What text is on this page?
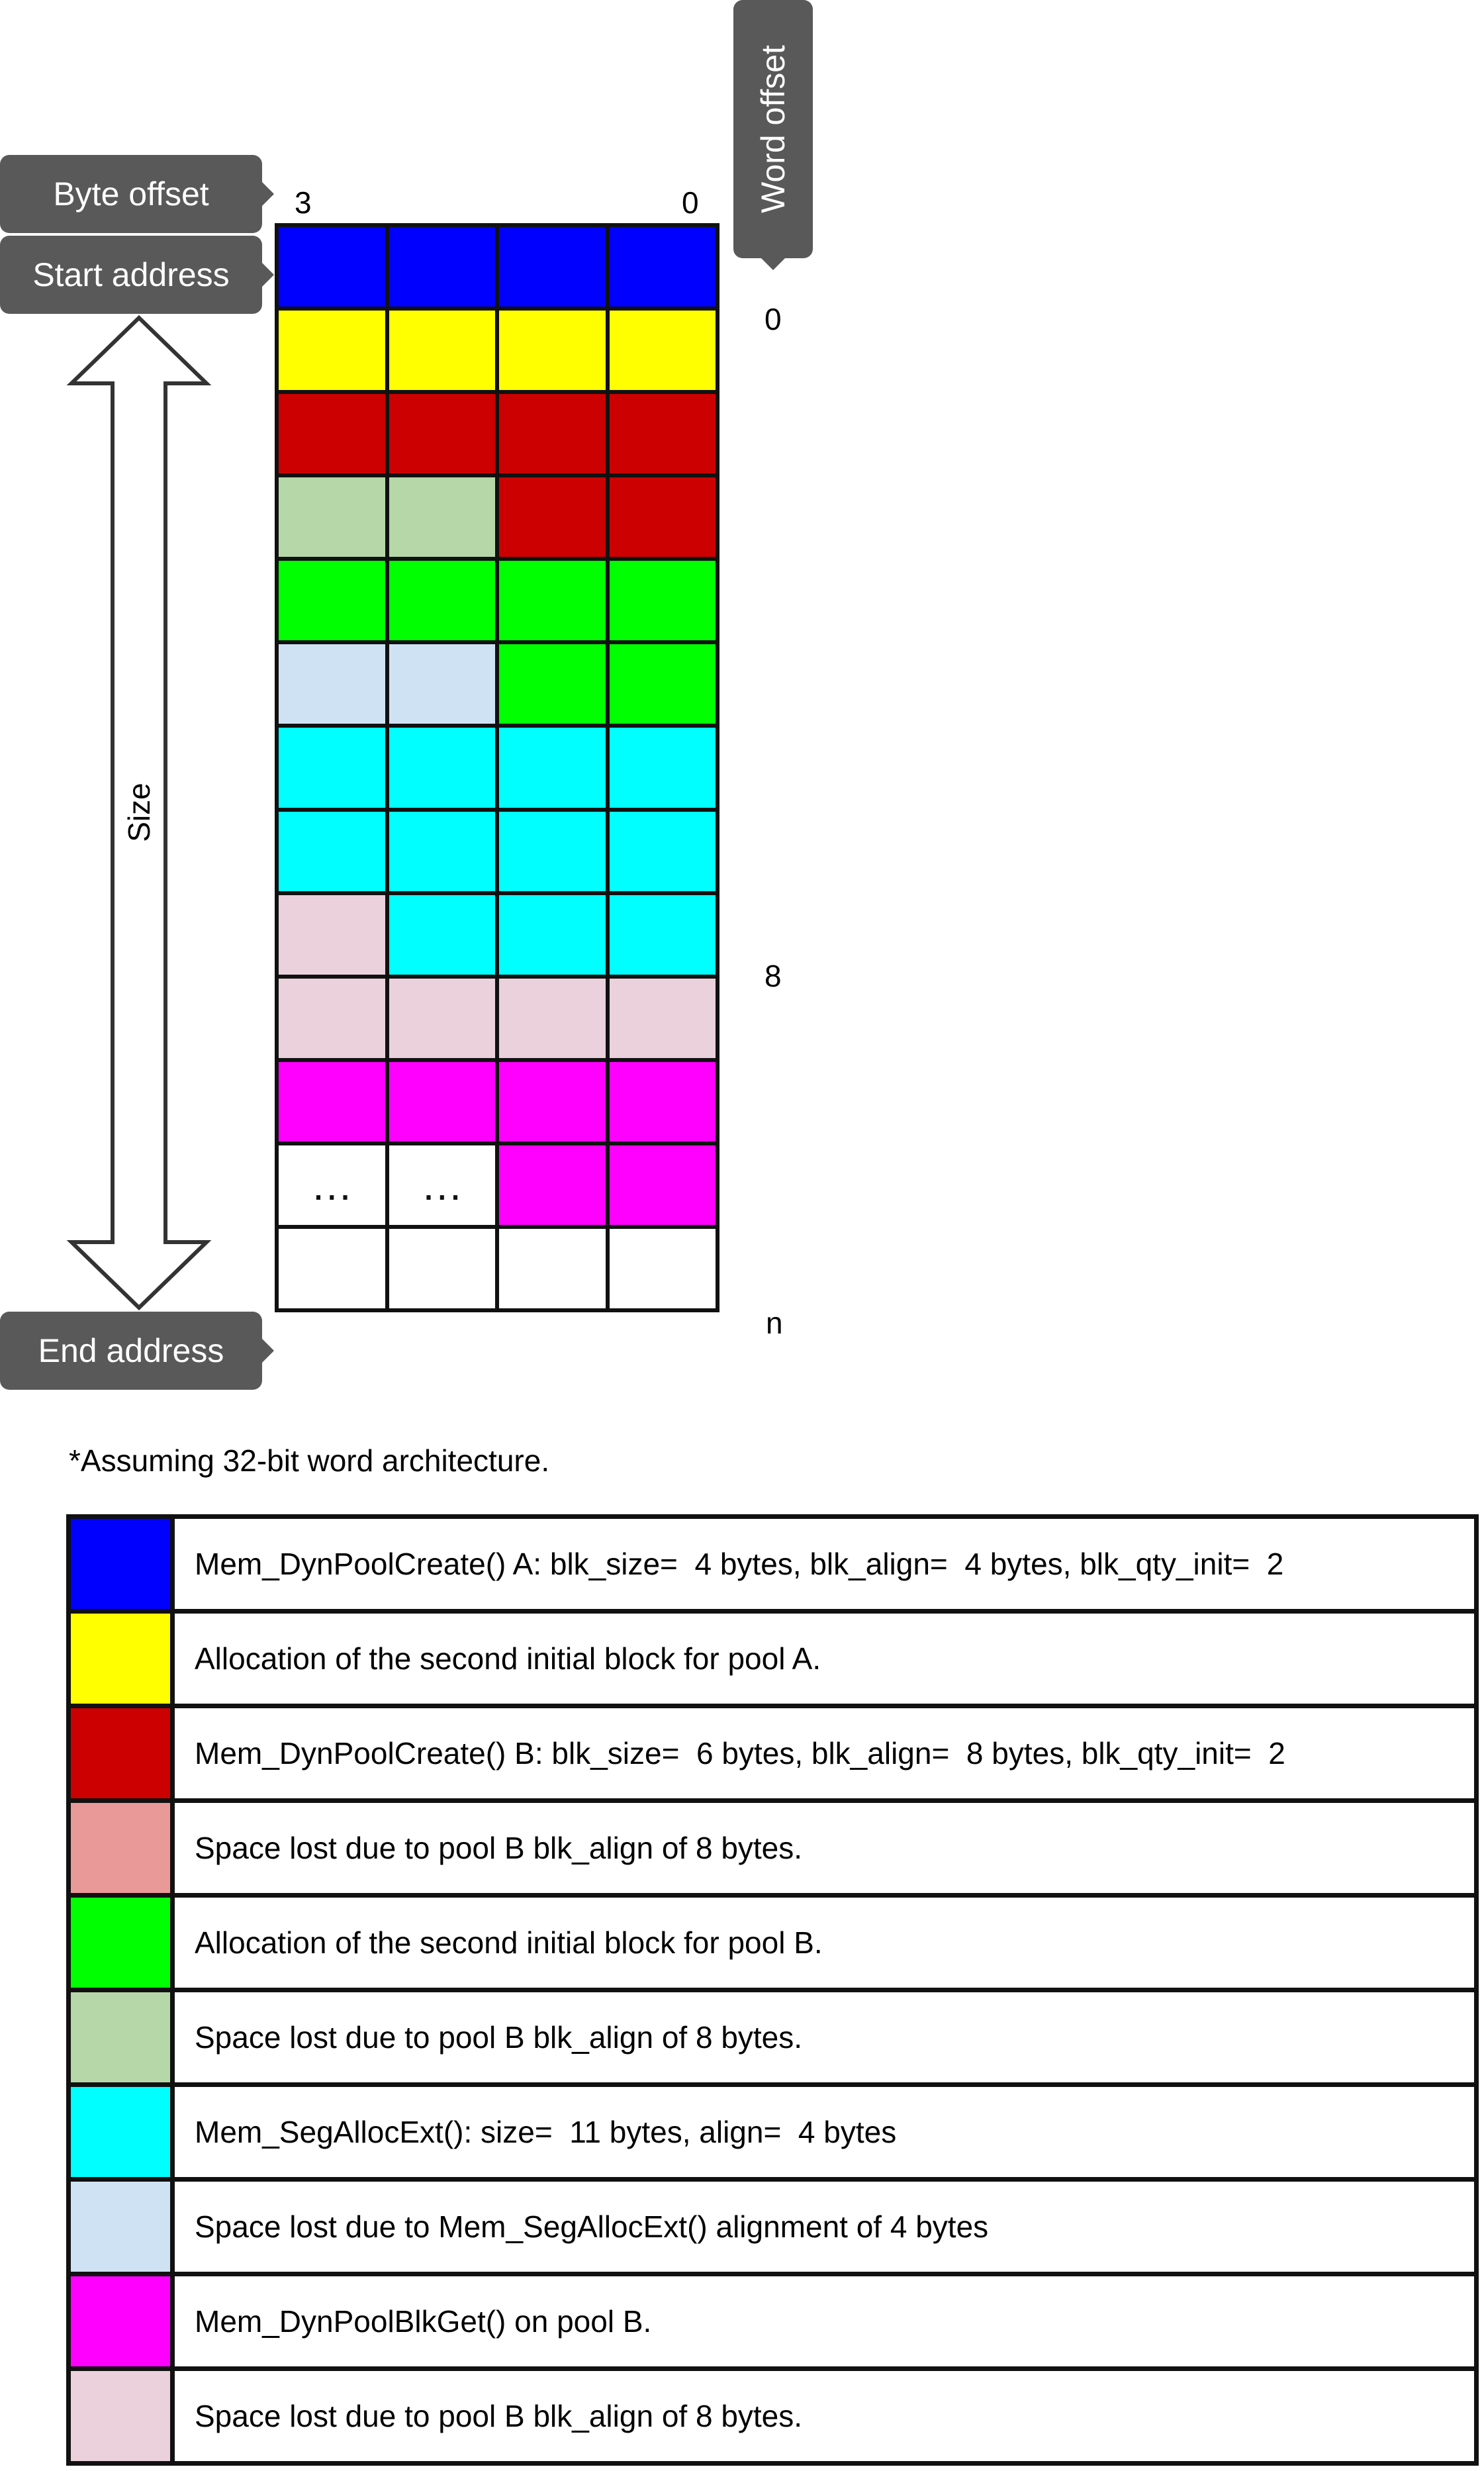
Byte offset
Start address
End address
Word offset
3	0
0
8
n
Size
…	…
*Assuming 32-bit word architecture.
Mem_DynPoolCreate() A: blk_size=  4 bytes, blk_align=  4 bytes, blk_qty_init=  2
Allocation of the second initial block for pool A.
Mem_DynPoolCreate() B: blk_size=  6 bytes, blk_align=  8 bytes, blk_qty_init=  2
Space lost due to pool B blk_align of 8 bytes.
Allocation of the second initial block for pool B.
Space lost due to pool B blk_align of 8 bytes.
Mem_SegAllocExt(): size=  11 bytes, align=  4 bytes
Space lost due to Mem_SegAllocExt() alignment of 4 bytes
Mem_DynPoolBlkGet() on pool B.
Space lost due to pool B blk_align of 8 bytes.
